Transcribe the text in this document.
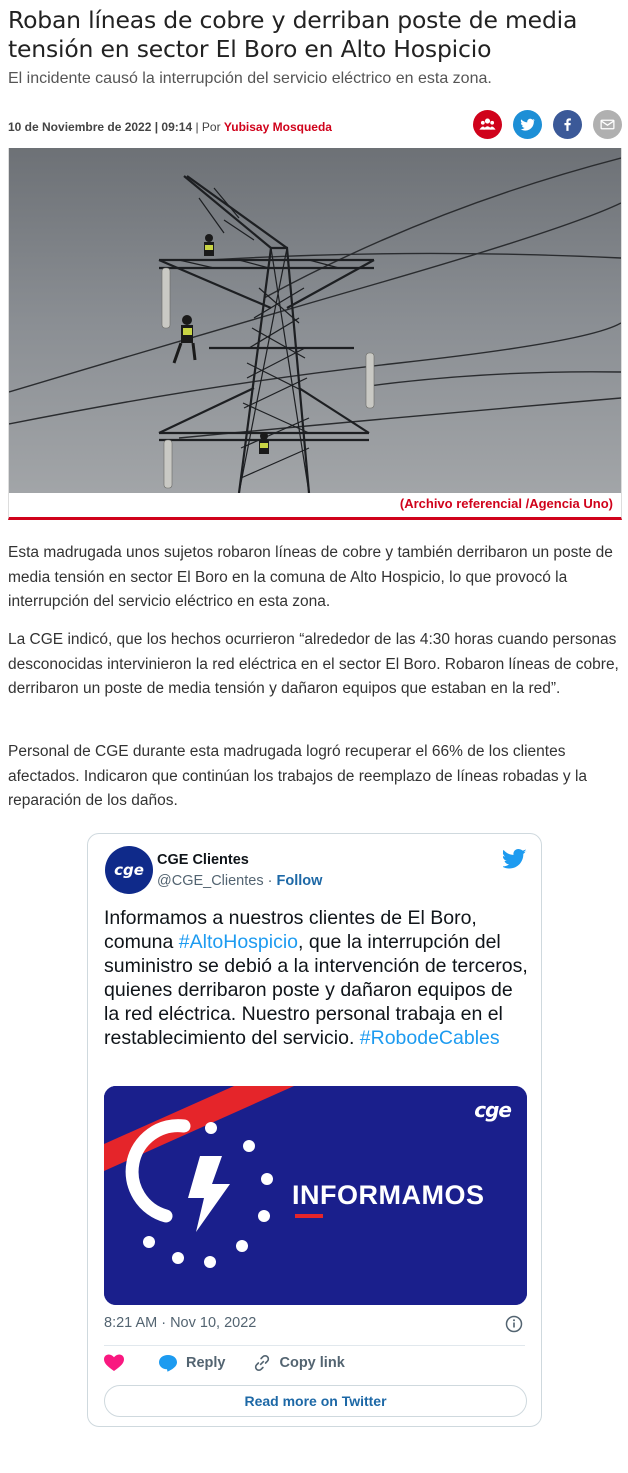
Roban líneas de cobre y derriban poste de media tensión en sector El Boro en Alto Hospicio
El incidente causó la interrupción del servicio eléctrico en esta zona.
10 de Noviembre de 2022 | 09:14 | Por Yubisay Mosqueda
(Archivo referencial /Agencia Uno)

Esta madrugada unos sujetos robaron líneas de cobre y también derribaron un poste de media tensión en sector El Boro en la comuna de Alto Hospicio, lo que provocó la interrupción del servicio eléctrico en esta zona.

La CGE indicó, que los hechos ocurrieron “alrededor de las 4:30 horas cuando personas desconocidas intervinieron la red eléctrica en el sector El Boro. Robaron líneas de cobre, derribaron un poste de media tensión y dañaron equipos que estaban en la red”.

Personal de CGE durante esta madrugada logró recuperar el 66% de los clientes afectados. Indicaron que continúan los trabajos de reemplazo de líneas robadas y la reparación de los daños.

cge
CGE Clientes
@CGE_Clientes · Follow

Informamos a nuestros clientes de El Boro, comuna #AltoHospicio, que la interrupción del suministro se debió a la intervención de terceros, quienes derribaron poste y dañaron equipos de la red eléctrica. Nuestro personal trabaja en el restablecimiento del servicio. #RobodeCables

cge
INFORMAMOS
8:21 AM · Nov 10, 2022
Reply	Copy link
Read more on Twitter
